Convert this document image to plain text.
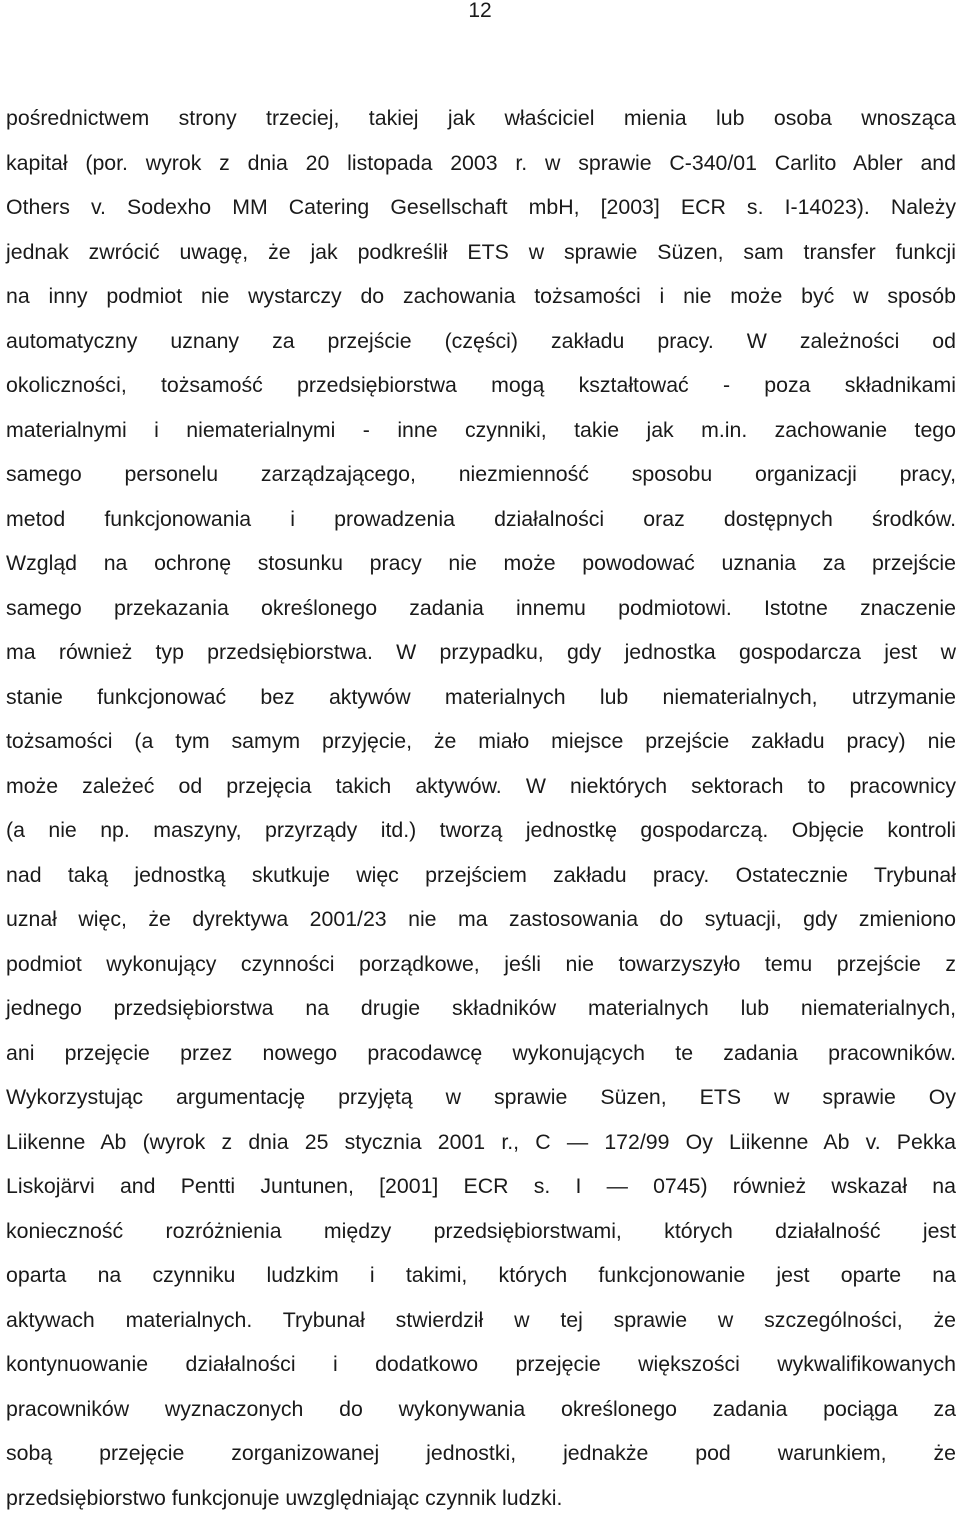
12
pośrednictwem strony trzeciej, takiej jak właściciel mienia lub osoba wnosząca
kapitał (por. wyrok z dnia 20 listopada 2003 r. w sprawie C-340/01 Carlito Abler and
Others v. Sodexho MM Catering Gesellschaft mbH, [2003] ECR s. I-14023). Należy
jednak zwrócić uwagę, że jak podkreślił ETS w sprawie Süzen, sam transfer funkcji
na inny podmiot nie wystarczy do zachowania tożsamości i nie może być w sposób
automatyczny uznany za przejście (części) zakładu pracy. W zależności od
okoliczności, tożsamość przedsiębiorstwa mogą kształtować - poza składnikami
materialnymi i niematerialnymi - inne czynniki, takie jak m.in. zachowanie tego
samego personelu zarządzającego, niezmienność sposobu organizacji pracy,
metod funkcjonowania i prowadzenia działalności oraz dostępnych środków.
Wzgląd na ochronę stosunku pracy nie może powodować uznania za przejście
samego przekazania określonego zadania innemu podmiotowi. Istotne znaczenie
ma również typ przedsiębiorstwa. W przypadku, gdy jednostka gospodarcza jest w
stanie funkcjonować bez aktywów materialnych lub niematerialnych, utrzymanie
tożsamości (a tym samym przyjęcie, że miało miejsce przejście zakładu pracy) nie
może zależeć od przejęcia takich aktywów. W niektórych sektorach to pracownicy
(a nie np. maszyny, przyrządy itd.) tworzą jednostkę gospodarczą. Objęcie kontroli
nad taką jednostką skutkuje więc przejściem zakładu pracy. Ostatecznie Trybunał
uznał więc, że dyrektywa 2001/23 nie ma zastosowania do sytuacji, gdy zmieniono
podmiot wykonujący czynności porządkowe, jeśli nie towarzyszyło temu przejście z
jednego przedsiębiorstwa na drugie składników materialnych lub niematerialnych,
ani przejęcie przez nowego pracodawcę wykonujących te zadania pracowników.
Wykorzystując argumentację przyjętą w sprawie Süzen, ETS w sprawie Oy
Liikenne Ab (wyrok z dnia 25 stycznia 2001 r., C — 172/99 Oy Liikenne Ab v. Pekka
Liskojärvi and Pentti Juntunen, [2001] ECR s. I — 0745) również wskazał na
konieczność rozróżnienia między przedsiębiorstwami, których działalność jest
oparta na czynniku ludzkim i takimi, których funkcjonowanie jest oparte na
aktywach materialnych. Trybunał stwierdził w tej sprawie w szczególności, że
kontynuowanie działalności i dodatkowo przejęcie większości wykwalifikowanych
pracowników wyznaczonych do wykonywania określonego zadania pociąga za
sobą przejęcie zorganizowanej jednostki, jednakże pod warunkiem, że
przedsiębiorstwo funkcjonuje uwzględniając czynnik ludzki.
